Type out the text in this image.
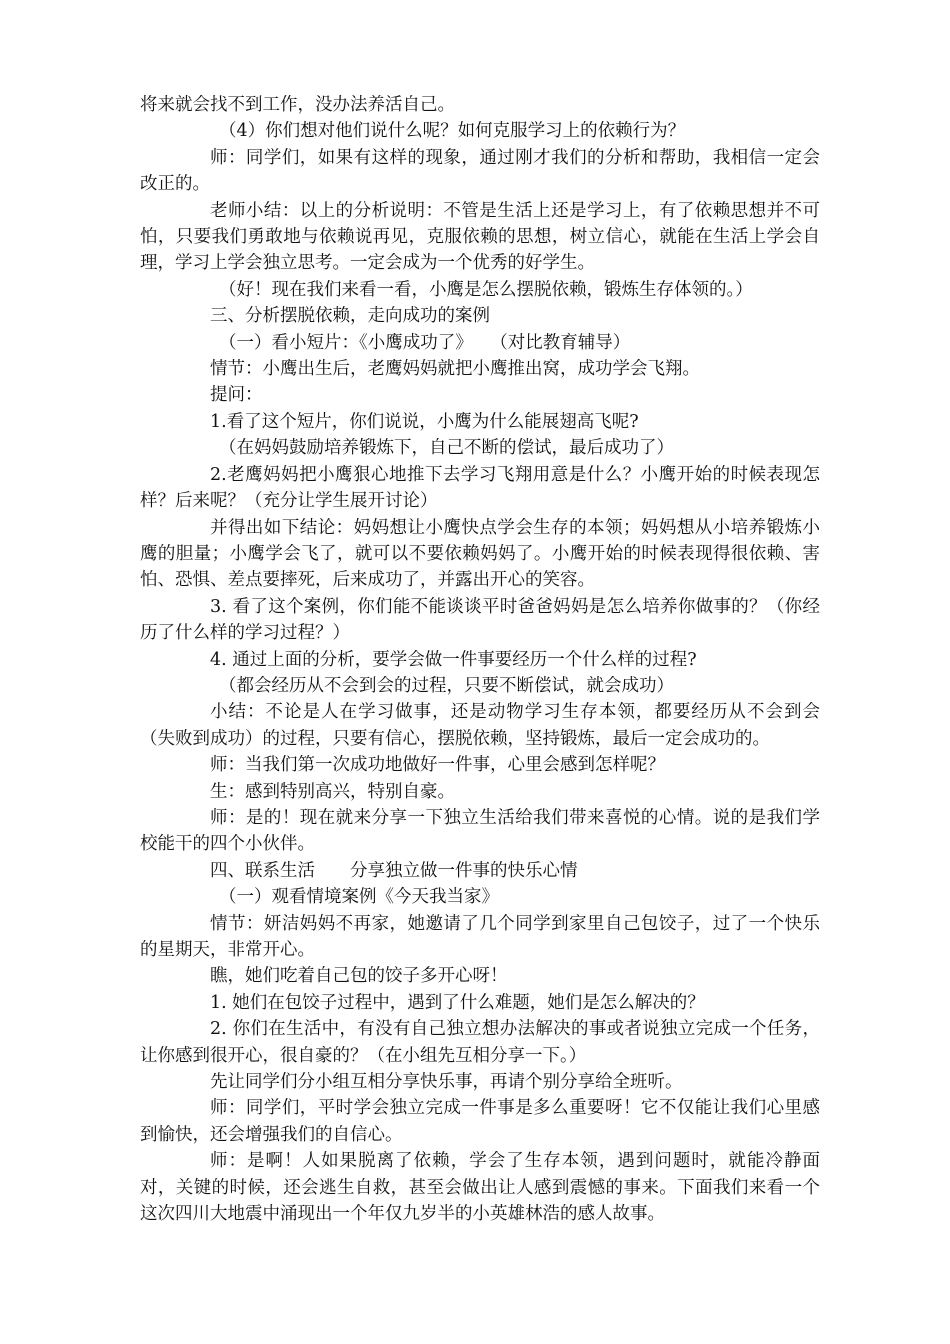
将来就会找不到工作，没办法养活自己。

（4）你们想对他们说什么呢？如何克服学习上的依赖行为？

师：同学们，如果有这样的现象，通过刚才我们的分析和帮助，我相信一定会改正的。

老师小结：以上的分析说明：不管是生活上还是学习上，有了依赖思想并不可怕，只要我们勇敢地与依赖说再见，克服依赖的思想，树立信心，就能在生活上学会自理，学习上学会独立思考。一定会成为一个优秀的好学生。

（好！现在我们来看一看，小鹰是怎么摆脱依赖，锻炼生存体领的。）

三、分析摆脱依赖，走向成功的案例

（一）看小短片：《小鹰成功了》　　（对比教育辅导）

情节：小鹰出生后，老鹰妈妈就把小鹰推出窝，成功学会飞翔。

提问：

1.看了这个短片，你们说说，小鹰为什么能展翅高飞呢?

（在妈妈鼓励培养锻炼下，自己不断的偿试，最后成功了）

2.老鹰妈妈把小鹰狠心地推下去学习飞翔用意是什么？小鹰开始的时候表现怎样？后来呢？（充分让学生展开讨论）

并得出如下结论：妈妈想让小鹰快点学会生存的本领；妈妈想从小培养锻炼小鹰的胆量；小鹰学会飞了，就可以不要依赖妈妈了。小鹰开始的时候表现得很依赖、害怕、恐惧、差点要摔死，后来成功了，并露出开心的笑容。

3. 看了这个案例，你们能不能谈谈平时爸爸妈妈是怎么培养你做事的？（你经历了什么样的学习过程？）

4. 通过上面的分析，要学会做一件事要经历一个什么样的过程?

（都会经历从不会到会的过程，只要不断偿试，就会成功）

小结：不论是人在学习做事，还是动物学习生存本领，都要经历从不会到会（失败到成功）的过程，只要有信心，摆脱依赖，坚持锻炼，最后一定会成功的。

师：当我们第一次成功地做好一件事，心里会感到怎样呢？

生：感到特别高兴，特别自豪。

师：是的！现在就来分享一下独立生活给我们带来喜悦的心情。说的是我们学校能干的四个小伙伴。

四、联系生活　　分享独立做一件事的快乐心情

（一）观看情境案例《今天我当家》

情节：妍洁妈妈不再家，她邀请了几个同学到家里自己包饺子，过了一个快乐的星期天，非常开心。

瞧，她们吃着自己包的饺子多开心呀！

1. 她们在包饺子过程中，遇到了什么难题，她们是怎么解决的？

2. 你们在生活中，有没有自己独立想办法解决的事或者说独立完成一个任务，让你感到很开心，很自豪的？（在小组先互相分享一下。）

先让同学们分小组互相分享快乐事，再请个别分享给全班听。

师：同学们，平时学会独立完成一件事是多么重要呀！它不仅能让我们心里感到愉快，还会增强我们的自信心。

师：是啊！人如果脱离了依赖，学会了生存本领，遇到问题时，就能冷静面对，关键的时候，还会逃生自救，甚至会做出让人感到震憾的事来。下面我们来看一个这次四川大地震中涌现出一个年仅九岁半的小英雄林浩的感人故事。
